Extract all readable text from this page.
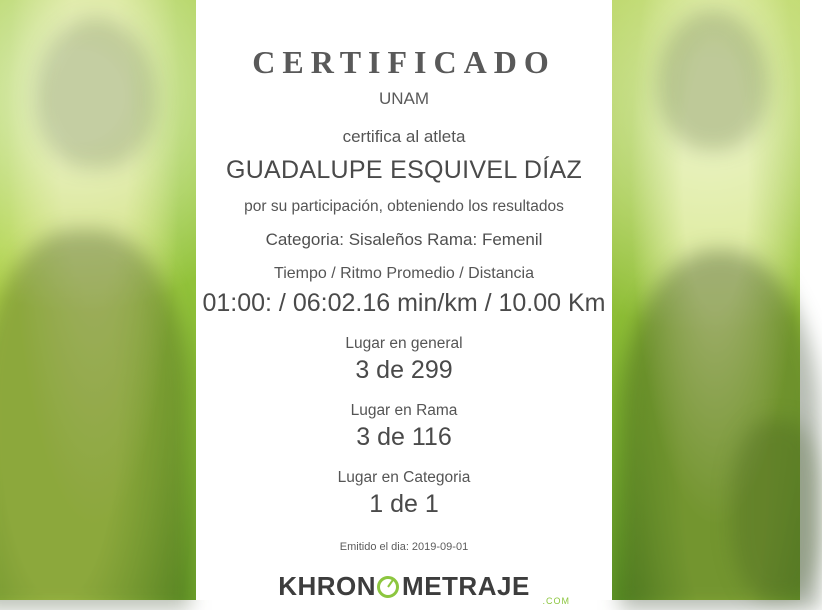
CERTIFICADO
UNAM
certifica al atleta
GUADALUPE ESQUIVEL DÍAZ
por su participación, obteniendo los resultados
Categoria: Sisaleños Rama: Femenil
Tiempo / Ritmo Promedio / Distancia
01:00: / 06:02.16 min/km / 10.00 Km
Lugar en general
3 de 299
Lugar en Rama
3 de 116
Lugar en Categoria
1 de 1
Emitido el dia: 2019-09-01
KHRON METRAJE .COM
